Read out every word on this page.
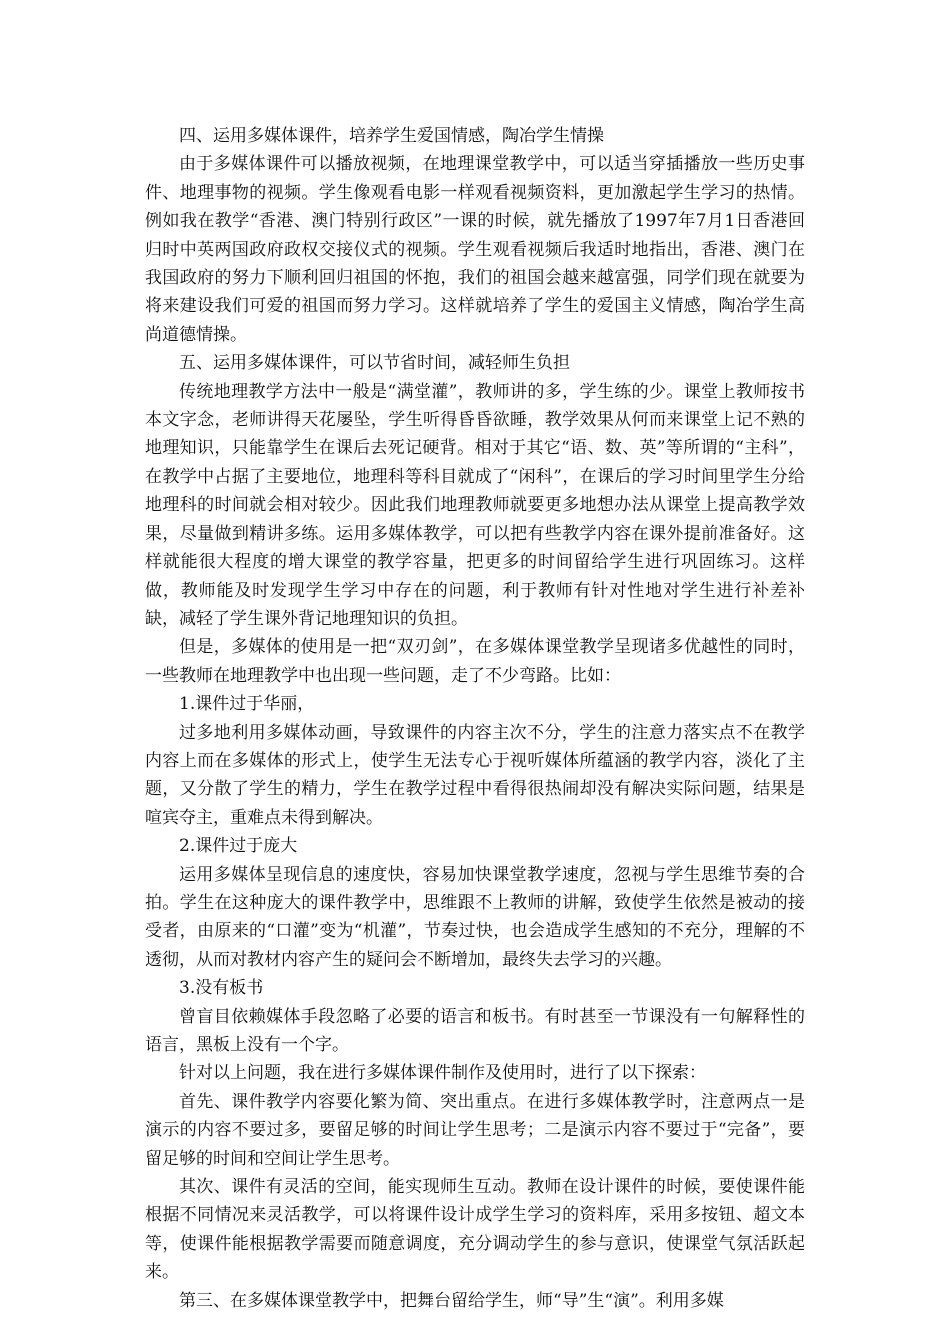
四、运用多媒体课件，培养学生爱国情感，陶冶学生情操

由于多媒体课件可以播放视频，在地理课堂教学中，可以适当穿插播放一些历史事件、地理事物的视频。学生像观看电影一样观看视频资料，更加激起学生学习的热情。例如我在教学“香港、澳门特别行政区”一课的时候，就先播放了1997年7月1日香港回归时中英两国政府政权交接仪式的视频。学生观看视频后我适时地指出，香港、澳门在我国政府的努力下顺利回归祖国的怀抱，我们的祖国会越来越富强，同学们现在就要为将来建设我们可爱的祖国而努力学习。这样就培养了学生的爱国主义情感，陶冶学生高尚道德情操。

五、运用多媒体课件，可以节省时间，减轻师生负担

传统地理教学方法中一般是“满堂灌”，教师讲的多，学生练的少。课堂上教师按书本文字念，老师讲得天花屡坠，学生听得昏昏欲睡，教学效果从何而来课堂上记不熟的地理知识，只能靠学生在课后去死记硬背。相对于其它“语、数、英”等所谓的“主科”，在教学中占据了主要地位，地理科等科目就成了“闲科”，在课后的学习时间里学生分给地理科的时间就会相对较少。因此我们地理教师就要更多地想办法从课堂上提高教学效果，尽量做到精讲多练。运用多媒体教学，可以把有些教学内容在课外提前准备好。这样就能很大程度的增大课堂的教学容量，把更多的时间留给学生进行巩固练习。这样做，教师能及时发现学生学习中存在的问题，利于教师有针对性地对学生进行补差补缺，减轻了学生课外背记地理知识的负担。

但是，多媒体的使用是一把“双刃剑”，在多媒体课堂教学呈现诸多优越性的同时，一些教师在地理教学中也出现一些问题，走了不少弯路。比如：

1.课件过于华丽，

过多地利用多媒体动画，导致课件的内容主次不分，学生的注意力落实点不在教学内容上而在多媒体的形式上，使学生无法专心于视听媒体所蕴涵的教学内容，淡化了主题，又分散了学生的精力，学生在教学过程中看得很热闹却没有解决实际问题，结果是喧宾夺主，重难点未得到解决。

2.课件过于庞大

运用多媒体呈现信息的速度快，容易加快课堂教学速度，忽视与学生思维节奏的合拍。学生在这种庞大的课件教学中，思维跟不上教师的讲解，致使学生依然是被动的接受者，由原来的“口灌”变为“机灌”，节奏过快，也会造成学生感知的不充分，理解的不透彻，从而对教材内容产生的疑问会不断增加，最终失去学习的兴趣。

3.没有板书

曾盲目依赖媒体手段忽略了必要的语言和板书。有时甚至一节课没有一句解释性的语言，黑板上没有一个字。

针对以上问题，我在进行多媒体课件制作及使用时，进行了以下探索：

首先、课件教学内容要化繁为简、突出重点。在进行多媒体教学时，注意两点一是演示的内容不要过多，要留足够的时间让学生思考；二是演示内容不要过于“完备”，要留足够的时间和空间让学生思考。

其次、课件有灵活的空间，能实现师生互动。教师在设计课件的时候，要使课件能根据不同情况来灵活教学，可以将课件设计成学生学习的资料库，采用多按钮、超文本 等，使课件能根据教学需要而随意调度，充分调动学生的参与意识，使课堂气氛活跃起来。

第三、在多媒体课堂教学中，把舞台留给学生，师“导”生“演”。利用多媒
